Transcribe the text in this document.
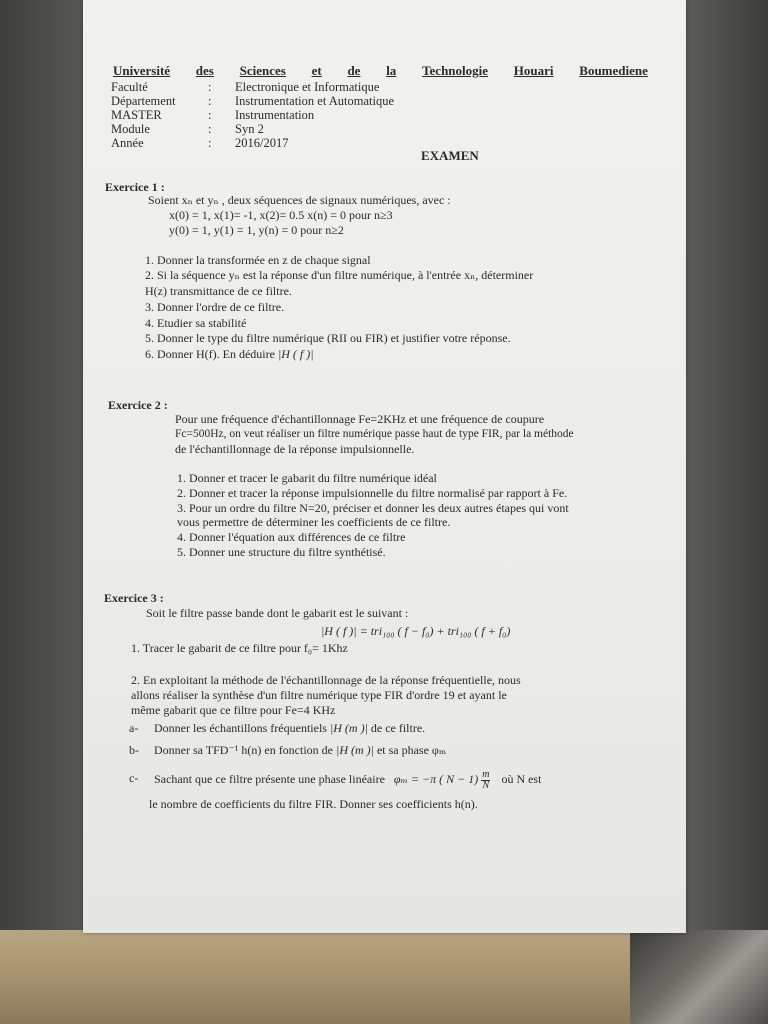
Université des Sciences et de la Technologie Houari Boumediene
Faculté	: Electronique et Informatique
Département	: Instrumentation et Automatique
MASTER	: Instrumentation
Module	: Syn 2
Année	: 2016/2017
EXAMEN
Exercice 1 :
Soient xₙ et yₙ , deux séquences de signaux numériques, avec :
x(0) = 1, x(1)= -1, x(2)= 0.5 x(n) = 0 pour n≥3
y(0) = 1, y(1) = 1, y(n) = 0 pour n≥2
1. Donner la transformée en z de chaque signal
2. Si la séquence yₙ est la réponse d'un filtre numérique, à l'entrée xₙ, déterminer
H(z) transmittance de ce filtre.
3. Donner l'ordre de ce filtre.
4. Etudier sa stabilité
5. Donner le type du filtre numérique (RII ou FIR) et justifier votre réponse.
6. Donner H(f). En déduire |H ( f )|
Exercice 2 :
Pour une fréquence d'échantillonnage Fe=2KHz et une fréquence de coupure
Fc=500Hz, on veut réaliser un filtre numérique passe haut de type FIR, par la méthode
de l'échantillonnage de la réponse impulsionnelle.
1. Donner et tracer le gabarit du filtre numérique idéal
2. Donner et tracer la réponse impulsionnelle du filtre normalisé par rapport à Fe.
3. Pour un ordre du filtre N=20, préciser et donner les deux autres étapes qui vont
vous permettre de déterminer les coefficients de ce filtre.
4. Donner l'équation aux différences de ce filtre
5. Donner une structure du filtre synthétisé.
Exercice 3 :
Soit le filtre passe bande dont le gabarit est le suivant :
|H ( f )| = tri₁₀₀ ( f − f₀) + tri₁₀₀ ( f + f₀)
1. Tracer le gabarit de ce filtre pour f₀= 1Khz
2. En exploitant la méthode de l'échantillonnage de la réponse fréquentielle, nous
allons réaliser la synthèse d'un filtre numérique type FIR d'ordre 19 et ayant le
même gabarit que ce filtre pour Fe=4 KHz
a- Donner les échantillons fréquentiels |H (m )| de ce filtre.
b- Donner sa TFD⁻¹ h(n) en fonction de |H (m )| et sa phase φₘ
c- Sachant que ce filtre présente une phase linéaire φₘ = −π ( $N - 1) \frac{m}{N}$ où N est
le nombre de coefficients du filtre FIR. Donner ses coefficients h(n).
